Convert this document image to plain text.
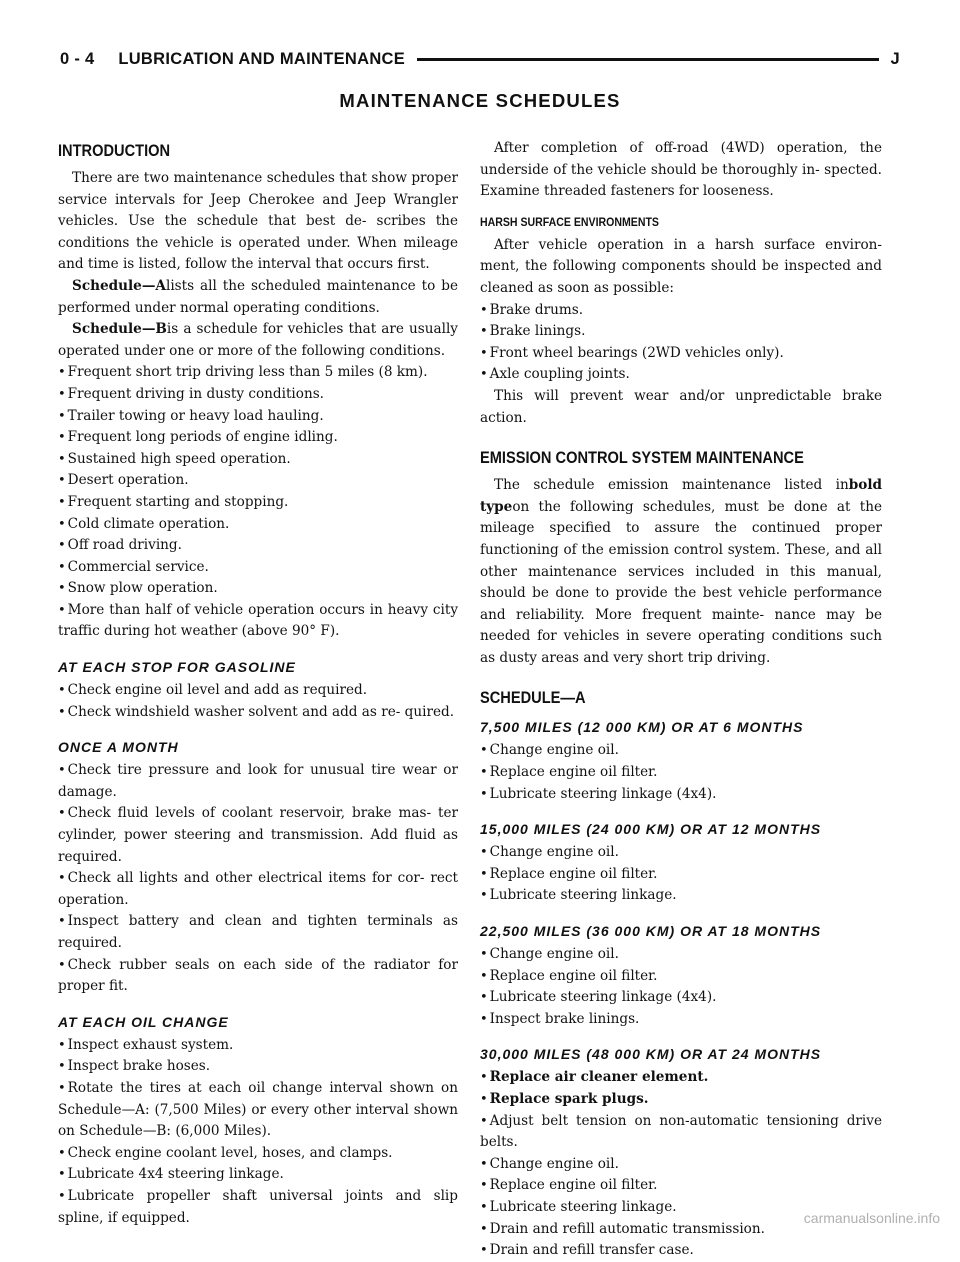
0 - 4
LUBRICATION AND MAINTENANCE	J
MAINTENANCE SCHEDULES
INTRODUCTION

There are two maintenance schedules that show proper service intervals for Jeep Cherokee and Jeep Wrangler vehicles. Use the schedule that best de- scribes the conditions the vehicle is operated under. When mileage and time is listed, follow the interval that occurs first.

Schedule—Alists all the scheduled maintenance to be performed under normal operating conditions.

Schedule—Bis a schedule for vehicles that are usually operated under one or more of the following conditions.

• Frequent short trip driving less than 5 miles (8 km).

• Frequent driving in dusty conditions.

• Trailer towing or heavy load hauling.

• Frequent long periods of engine idling.

• Sustained high speed operation.

• Desert operation.

• Frequent starting and stopping.

• Cold climate operation.

• Off road driving.

• Commercial service.

• Snow plow operation.

• More than half of vehicle operation occurs in heavy city traffic during hot weather (above 90° F).

AT EACH STOP FOR GASOLINE

• Check engine oil level and add as required.

• Check windshield washer solvent and add as re- quired.

ONCE A MONTH

• Check tire pressure and look for unusual tire wear or damage.

• Check fluid levels of coolant reservoir, brake mas- ter cylinder, power steering and transmission. Add fluid as required.

• Check all lights and other electrical items for cor- rect operation.

• Inspect battery and clean and tighten terminals as required.

• Check rubber seals on each side of the radiator for proper fit.

AT EACH OIL CHANGE

• Inspect exhaust system.

• Inspect brake hoses.

• Rotate the tires at each oil change interval shown on Schedule—A: (7,500 Miles) or every other interval shown on Schedule—B: (6,000 Miles).

• Check engine coolant level, hoses, and clamps.

• Lubricate 4x4 steering linkage.

• Lubricate propeller shaft universal joints and slip spline, if equipped.

After completion of off-road (4WD) operation, the underside of the vehicle should be thoroughly in- spected. Examine threaded fasteners for looseness.

HARSH SURFACE ENVIRONMENTS

After vehicle operation in a harsh surface environ- ment, the following components should be inspected and cleaned as soon as possible:

• Brake drums.

• Brake linings.

• Front wheel bearings (2WD vehicles only).

• Axle coupling joints.

This will prevent wear and/or unpredictable brake action.

EMISSION CONTROL SYSTEM MAINTENANCE

The schedule emission maintenance listed inbold typeon the following schedules, must be done at the mileage specified to assure the continued proper functioning of the emission control system. These, and all other maintenance services included in this manual, should be done to provide the best vehicle performance and reliability. More frequent mainte- nance may be needed for vehicles in severe operating conditions such as dusty areas and very short trip driving.

SCHEDULE—A
7,500 MILES (12 000 KM) OR AT 6 MONTHS

• Change engine oil.

• Replace engine oil filter.

• Lubricate steering linkage (4x4).

15,000 MILES (24 000 KM) OR AT 12 MONTHS

• Change engine oil.

• Replace engine oil filter.

• Lubricate steering linkage.

22,500 MILES (36 000 KM) OR AT 18 MONTHS

• Change engine oil.

• Replace engine oil filter.

• Lubricate steering linkage (4x4).

• Inspect brake linings.

30,000 MILES (48 000 KM) OR AT 24 MONTHS

• Replace air cleaner element.

• Replace spark plugs.

• Adjust belt tension on non-automatic tensioning drive belts.

• Change engine oil.

• Replace engine oil filter.

• Lubricate steering linkage.

• Drain and refill automatic transmission.

• Drain and refill transfer case.

carmanualsonline.info
